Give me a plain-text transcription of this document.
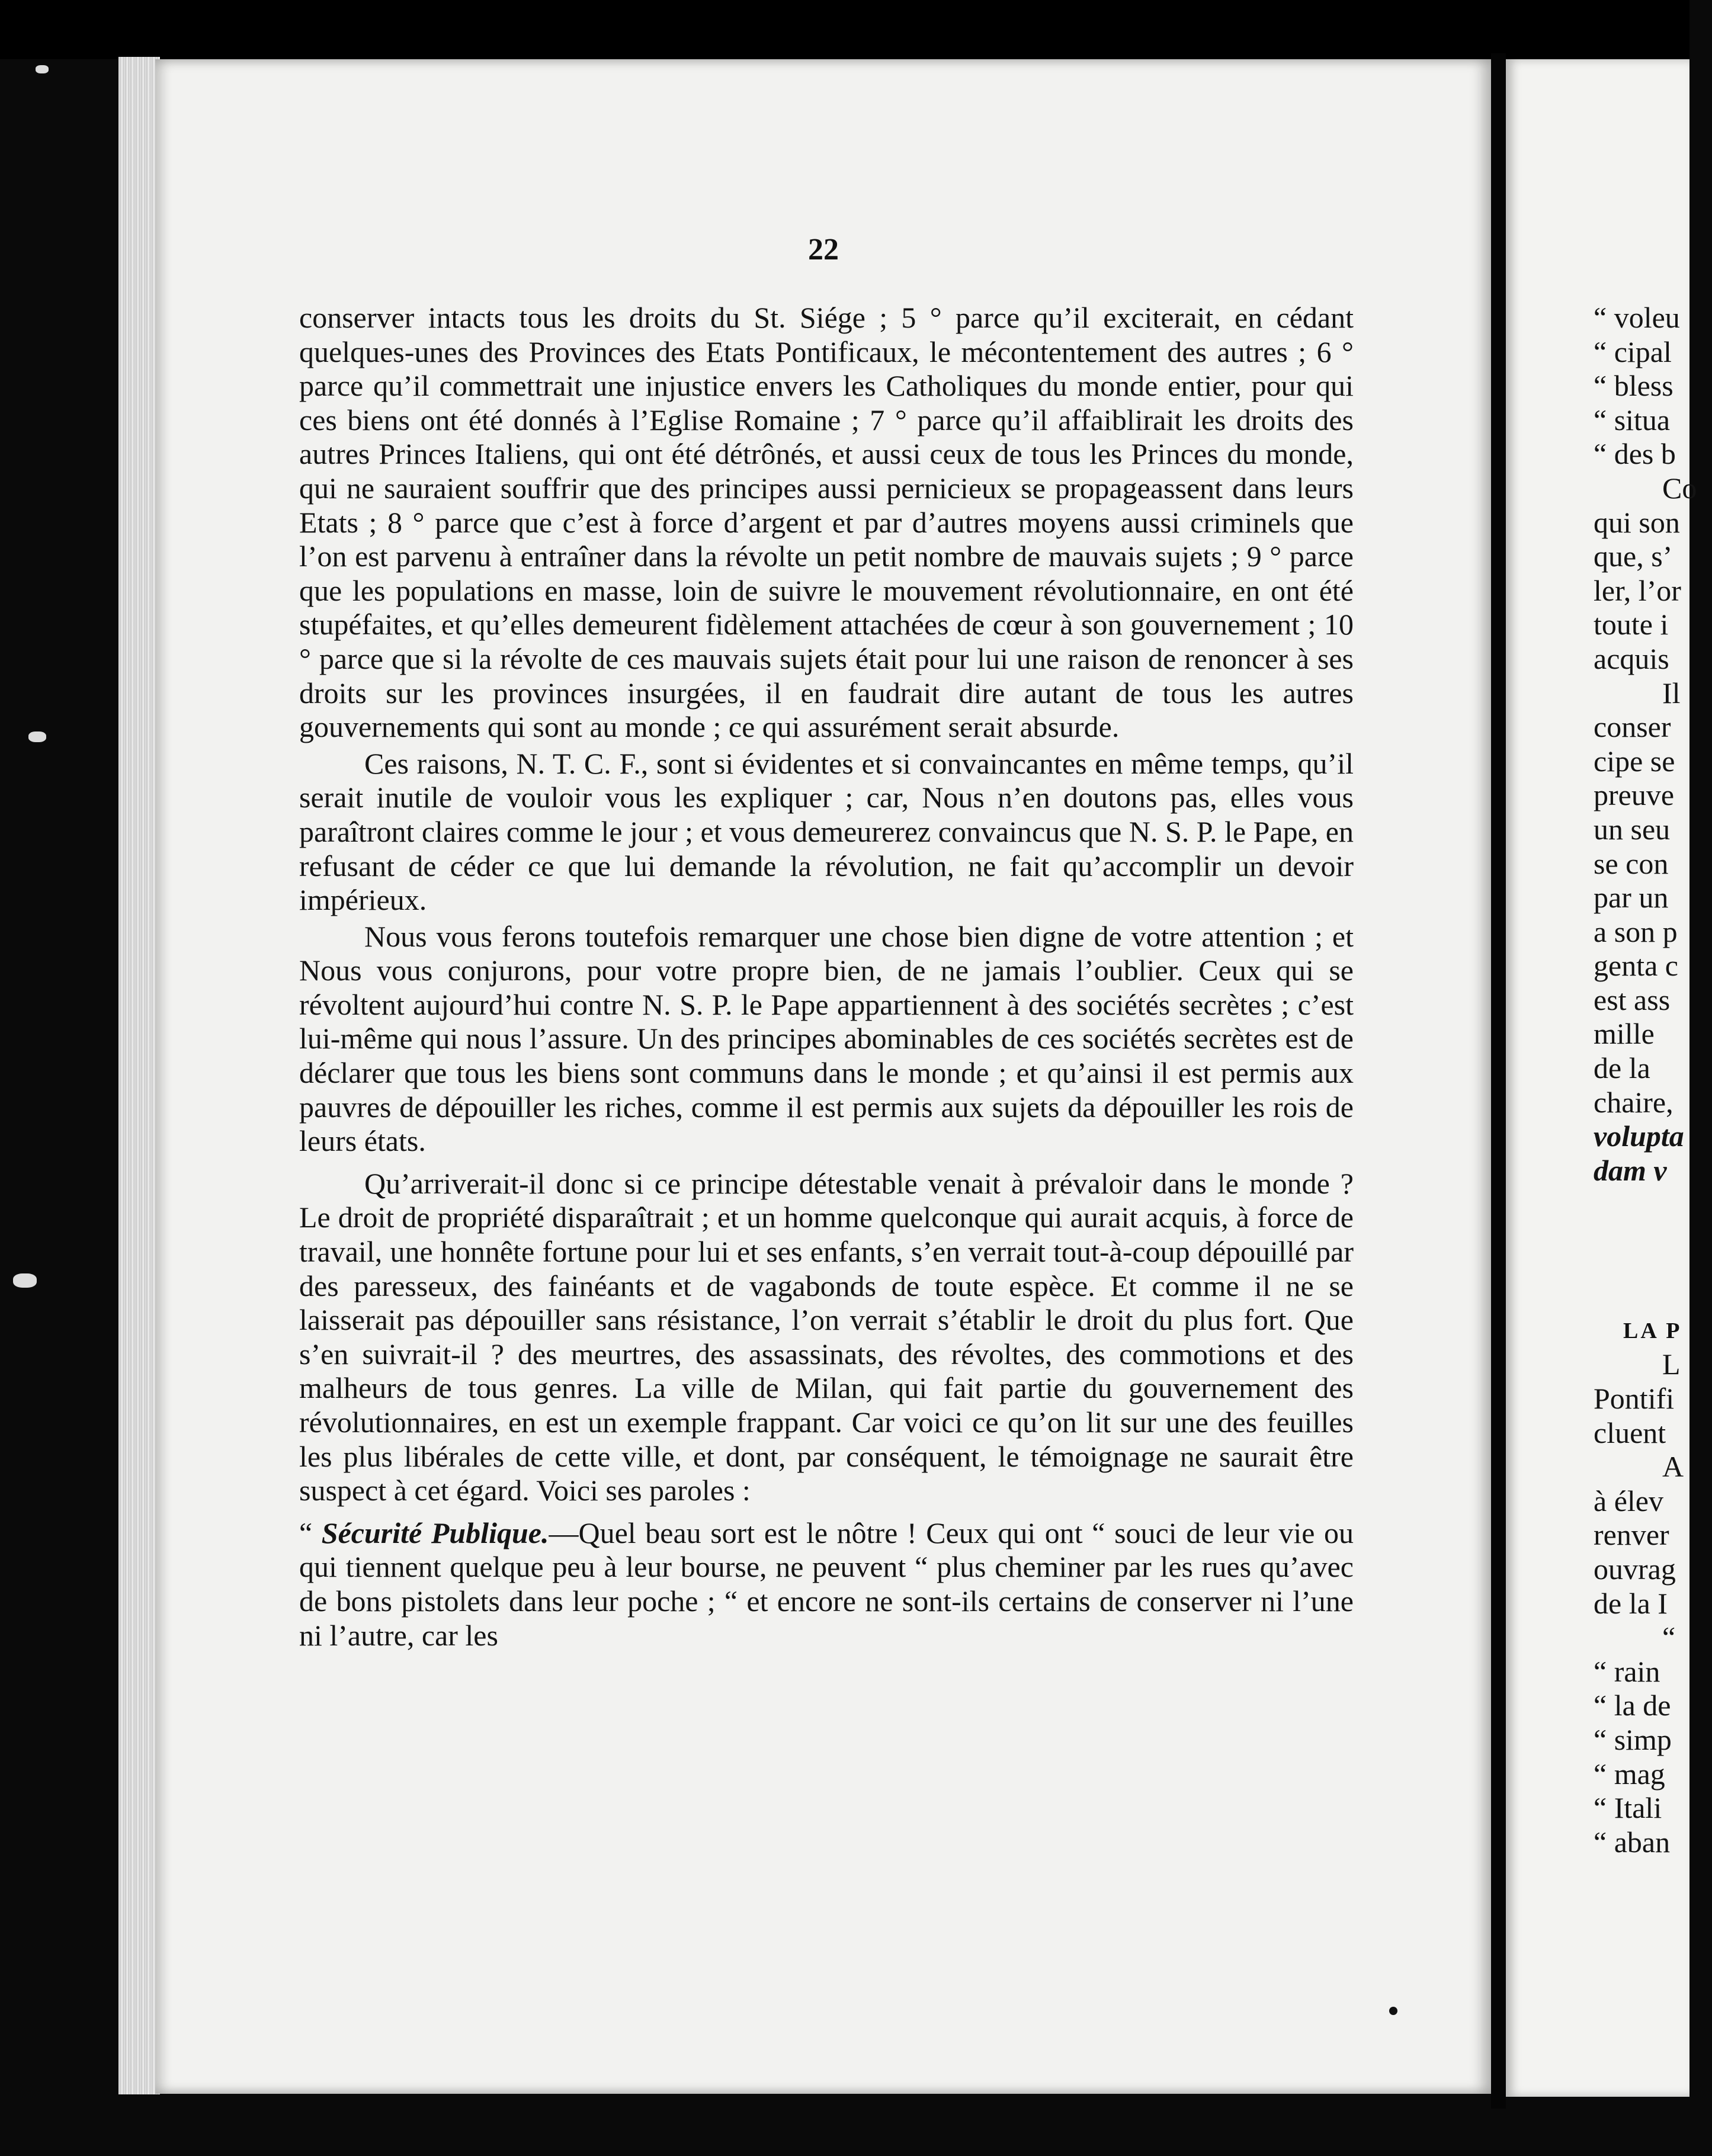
22

conserver intacts tous les droits du St. Siége ; 5 ° parce qu’il exciterait, en cédant quelques-unes des Provinces des Etats Pontificaux, le mécontentement des autres ; 6 ° parce qu’il commettrait une injustice envers les Catholiques du monde entier, pour qui ces biens ont été donnés à l’Eglise Romaine ; 7 ° parce qu’il affaiblirait les droits des autres Princes Italiens, qui ont été détrônés, et aussi ceux de tous les Princes du monde, qui ne sauraient souffrir que des principes aussi pernicieux se propageassent dans leurs Etats ; 8 ° parce que c’est à force d’argent et par d’autres moyens aussi criminels que l’on est parvenu à entraîner dans la révolte un petit nombre de mauvais sujets ; 9 ° parce que les populations en masse, loin de suivre le mouvement révolutionnaire, en ont été stupéfaites, et qu’elles demeurent fidèlement attachées de cœur à son gouvernement ; 10 ° parce que si la révolte de ces mauvais sujets était pour lui une raison de renoncer à ses droits sur les provinces insurgées, il en faudrait dire autant de tous les autres gouvernements qui sont au monde ; ce qui assurément serait absurde.

Ces raisons, N. T. C. F., sont si évidentes et si convaincantes en même temps, qu’il serait inutile de vouloir vous les expliquer ; car, Nous n’en doutons pas, elles vous paraîtront claires comme le jour ; et vous demeurerez convaincus que N. S. P. le Pape, en refusant de céder ce que lui demande la révolution, ne fait qu’accomplir un devoir impérieux.

Nous vous ferons toutefois remarquer une chose bien digne de votre attention ; et Nous vous conjurons, pour votre propre bien, de ne jamais l’oublier. Ceux qui se révoltent aujourd’hui contre N. S. P. le Pape appartiennent à des sociétés secrètes ; c’est lui-même qui nous l’assure. Un des principes abominables de ces sociétés secrètes est de déclarer que tous les biens sont communs dans le monde ; et qu’ainsi il est permis aux pauvres de dépouiller les riches, comme il est permis aux sujets da dépouiller les rois de leurs états.

Qu’arriverait-il donc si ce principe détestable venait à prévaloir dans le monde ? Le droit de propriété disparaîtrait ; et un homme quelconque qui aurait acquis, à force de travail, une honnête fortune pour lui et ses enfants, s’en verrait tout-à-coup dépouillé par des paresseux, des fainéants et de vagabonds de toute espèce. Et comme il ne se laisserait pas dépouiller sans résistance, l’on verrait s’établir le droit du plus fort. Que s’en suivrait-il ? des meurtres, des assassinats, des révoltes, des commotions et des malheurs de tous genres. La ville de Milan, qui fait partie du gouvernement des révolutionnaires, en est un exemple frappant. Car voici ce qu’on lit sur une des feuilles les plus libérales de cette ville, et dont, par conséquent, le témoignage ne saurait être suspect à cet égard. Voici ses paroles :

“ Sécurité Publique.—Quel beau sort est le nôtre ! Ceux qui ont “ souci de leur vie ou qui tiennent quelque peu à leur bourse, ne peuvent “ plus cheminer par les rues qu’avec de bons pistolets dans leur poche ; “ et encore ne sont-ils certains de conserver ni l’une ni l’autre, car les

“ voleu
“ cipal
“ bless
“ situa
“ des b
Co
qui son
que, s’
ler, l’or
toute i
acquis
Il
conser
cipe se
preuve
un seu
se con
par un
a son p
genta c
est ass
mille
de la
chaire,
volupta
dam v
L
Pontifi
cluent
A
à élev
renver
ouvrag
de la I
“
“ rain
“ la de
“ simp
“ mag
“ Itali
“ aban
LA P
